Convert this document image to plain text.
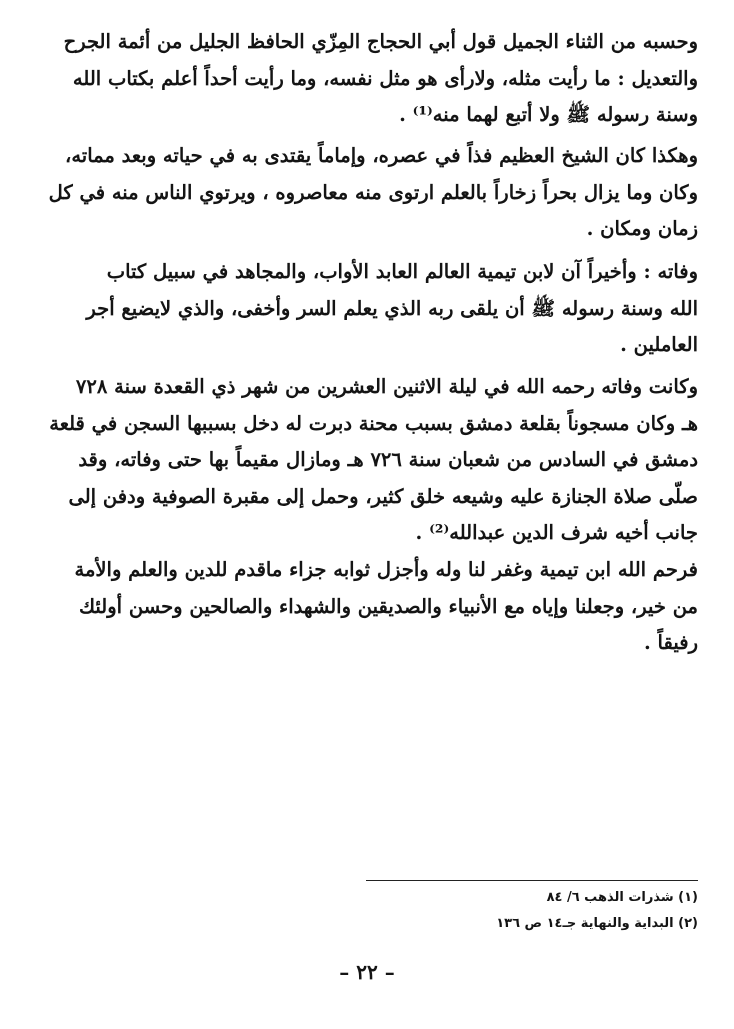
وحسبه من الثناء الجميل قول أبي الحجاج المِزّي الحافظ الجليل من أئمة الجرح
والتعديل : ما رأيت مثله، ولارأى هو مثل نفسه، وما رأيت أحداً أعلم بكتاب الله
وسنة رسوله ﷺ ولا أتبع لهما منه⁽¹⁾ .
وهكذا كان الشيخ العظيم فذاً في عصره، وإماماً يقتدى به في حياته وبعد مماته،
وكان وما يزال بحراً زخاراً بالعلم ارتوى منه معاصروه ، ويرتوي الناس منه في كل
زمان ومكان .
وفاته : وأخيراً آن لابن تيمية العالم العابد الأواب، والمجاهد في سبيل كتاب
الله وسنة رسوله ﷺ أن يلقى ربه الذي يعلم السر وأخفى، والذي لايضيع أجر
العاملين .
وكانت وفاته رحمه الله في ليلة الاثنين العشرين من شهر ذي القعدة سنة ٧٢٨
هـ وكان مسجوناً بقلعة دمشق بسبب محنة دبرت له دخل بسببها السجن في قلعة
دمشق في السادس من شعبان سنة ٧٢٦ هـ ومازال مقيماً بها حتى وفاته، وقد
صلّى صلاة الجنازة عليه وشيعه خلق كثير، وحمل إلى مقبرة الصوفية ودفن إلى
جانب أخيه شرف الدين عبدالله⁽²⁾ .
فرحم الله ابن تيمية وغفر لنا وله وأجزل ثوابه جزاء ماقدم للدين والعلم والأمة
من خير، وجعلنا وإياه مع الأنبياء والصديقين والشهداء والصالحين وحسن أولئك
رفيقاً .
(١) شذرات الذهب ٦/ ٨٤
(٢) البداية والنهاية جـ١٤ ص ١٣٦
– ٢٢ –
